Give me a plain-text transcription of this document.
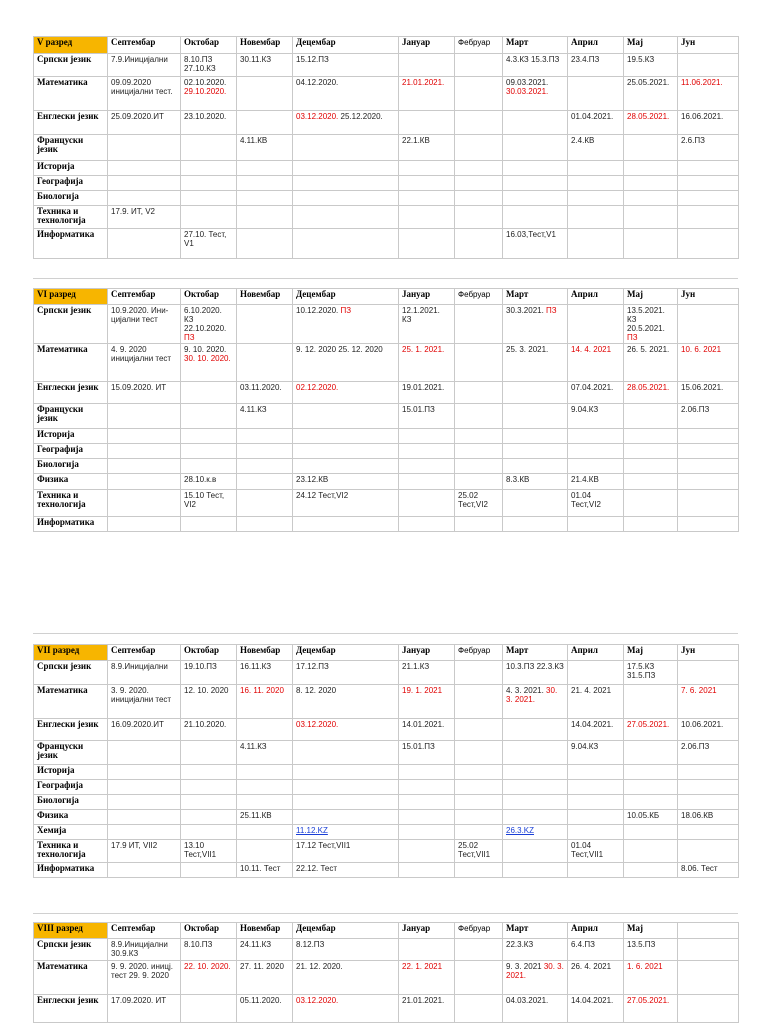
V разред	Септембар	Октобар	Новембар	Децембар	Јануар	Фебруар	Март	Април	Мај	Јун
Српски језик	7.9.Иницијални	8.10.ПЗ 27.10.КЗ	30.11.КЗ	15.12.ПЗ			4.3.КЗ 15.3.ПЗ	23.4.ПЗ	19.5.КЗ	
Математика	09.09.2020 иницијални тест.	02.10.2020. 29.10.2020.		04.12.2020.	21.01.2021.		09.03.2021. 30.03.2021.		25.05.2021.	11.06.2021.
Енглески језик	25.09.2020.ИТ	23.10.2020.		03.12.2020. 25.12.2020.				01.04.2021.	28.05.2021.	16.06.2021.
Француски језик			4.11.КВ		22.1.КВ			2.4.КВ		2.6.ПЗ
Историја										
Географија										
Биологија										
Техника и технологија	17.9. ИТ, V2									
Информатика		27.10. Тест, V1					16.03,Тест,V1			
VI разред	Септембар	Октобар	Новембар	Децембар	Јануар	Фебруар	Март	Април	Мај	Јун
Српски језик	10.9.2020. Ини- цијални тест	6.10.2020. КЗ 22.10.2020. ПЗ		10.12.2020. ПЗ	12.1.2021. КЗ		30.3.2021. ПЗ		13.5.2021. КЗ 20.5.2021. ПЗ	
Математика	4. 9. 2020 иницијални тест	9. 10. 2020. 30. 10. 2020.		9. 12. 2020 25. 12. 2020	25. 1. 2021.		25. 3. 2021.	14. 4. 2021	26. 5. 2021.	10. 6. 2021
Енглески језик	15.09.2020. ИТ		03.11.2020.	02.12.2020.	19.01.2021.			07.04.2021.	28.05.2021.	15.06.2021.
Француски језик			4.11.КЗ		15.01.ПЗ			9.04.КЗ		2.06.ПЗ
Историја										
Географија										
Биологија										
Физика		28.10.к.в		23.12.КВ			8.3.КВ	21.4.КВ		
Техника и технологија		15.10 Тест, VI2		24.12 Тест,VI2		25.02 Тест,VI2		01.04 Тест,VI2		
Информатика										
VII разред	Септембар	Октобар	Новембар	Децембар	Јануар	Фебруар	Март	Април	Мај	Јун
Српски језик	8.9.Иницијални	19.10.ПЗ	16.11.КЗ	17.12.ПЗ	21.1.КЗ		10.3.ПЗ 22.3.КЗ		17.5.КЗ 31.5.ПЗ	
Математика	3. 9. 2020. иницијални тест	12. 10. 2020	16. 11. 2020	8. 12. 2020	19. 1. 2021		4. 3. 2021. 30. 3. 2021.	21. 4. 2021		7. 6. 2021
Енглески језик	16.09.2020.ИТ	21.10.2020.		03.12.2020.	14.01.2021.			14.04.2021.	27.05.2021.	10.06.2021.
Француски језик			4.11.КЗ		15.01.ПЗ			9.04.КЗ		2.06.ПЗ
Историја										
Географија										
Биологија										
Физика			25.11.КВ						10.05.КБ	18.06.КВ
Хемија				11.12.KZ			26.3.KZ			
Техника и технологија	17.9 ИТ, VII2	13.10 Тест,VII1		17.12 Тест,VII1		25.02 Тест,VII1		01.04 Тест,VII1		
Информатика			10.11. Тест	22.12. Тест						8.06. Тест
VIII разред	Септембар	Октобар	Новембар	Децембар	Јануар	Фебруар	Март	Април	Мај	
Српски језик	8.9.Иницијални 30.9.КЗ	8.10.ПЗ	24.11.КЗ	8.12.ПЗ			22.3.КЗ	6.4.ПЗ	13.5.ПЗ	
Математика	9. 9. 2020. иницј. тест 29. 9. 2020	22. 10. 2020.	27. 11. 2020	21. 12. 2020.	22. 1. 2021		9. 3. 2021 30. 3. 2021.	26. 4. 2021	1. 6. 2021	
Енглески језик	17.09.2020. ИТ		05.11.2020.	03.12.2020.	21.01.2021.		04.03.2021.	14.04.2021.	27.05.2021.	
